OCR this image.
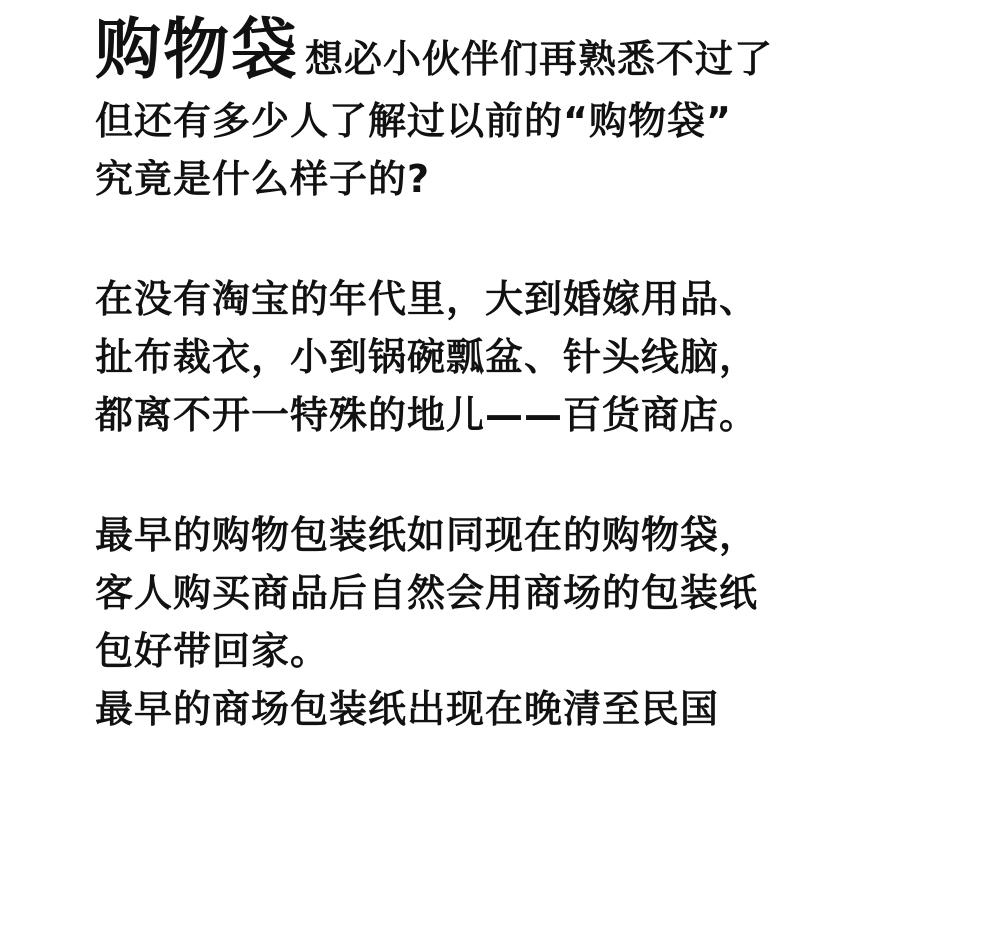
购物袋 想必小伙伴们再熟悉不过了
但还有多少人了解过以前的“购物袋”
究竟是什么样子的?
在没有淘宝的年代里，大到婚嫁用品、
扯布裁衣，小到锅碗瓢盆、针头线脑，
都离不开一特殊的地儿——百货商店。
最早的购物包装纸如同现在的购物袋，
客人购买商品后自然会用商场的包装纸
包好带回家。
最早的商场包装纸出现在晚清至民国
